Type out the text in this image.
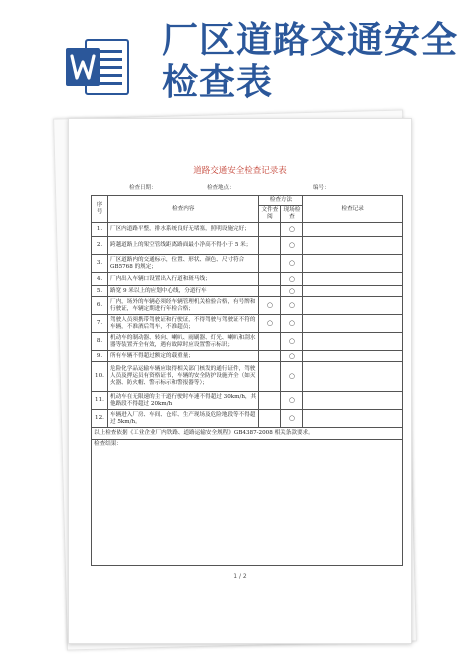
厂区道路交通安全检查表
道路交通安全检查记录表
检查日期：	检查地点：	编号：
序号	检查内容	检查方法		检查记录
		文件查阅	现场检查	
1.	厂区内道路平整，排水系统良好无堵塞，照明设施完好；		○	
2.	跨越道路上的架空管线距离路面最小净高不得小于 5 米；		○	
3.	厂区道路内的交通标示，位置、形状、颜色、尺寸符合 GB5768 的规定；		○	
4.	厂内出入车辆口设置出入行道和斑马线；		○	
5.	路宽 9 米以上的应划中心线，分道行车		○	
6.	厂内，场外的车辆必须经车辆管理机关检验合格，有号牌和行驶证，车辆定期进行年检合格；	○	○	
7.	驾驶人员须携带驾驶证和行驶证，不得驾驶与驾驶证不符的车辆，不准酒后驾车，不准超员；	○	○	
8.	机动车的制动器、转向、喇叭、雨刷器、灯光、喇叭和刮水器等装置齐全有效，遇有故障时应设置警示标识；		○	
9.	所有车辆不得超过额定的载重量；		○	
10.	危险化学品运输车辆应取得相关部门核发的通行证件，驾驶人员及押运员有资格证书，车辆的安全防护设施齐全（如灭火器、防火帽、警示标示和警报器等）；		○	
11.	机动车在无限速的主干道行驶时车速不得超过 30km/h，其他路段不得超过 20km/h		○	
12.	车辆进入厂房、车间、仓库、生产现场及危险地段等不得超过 5km/h。		○	
以上检查依据《工业企业厂内铁路、道路运输安全规程》GB4387-2008 相关条款要求。				
检查结果：				
1 / 2
